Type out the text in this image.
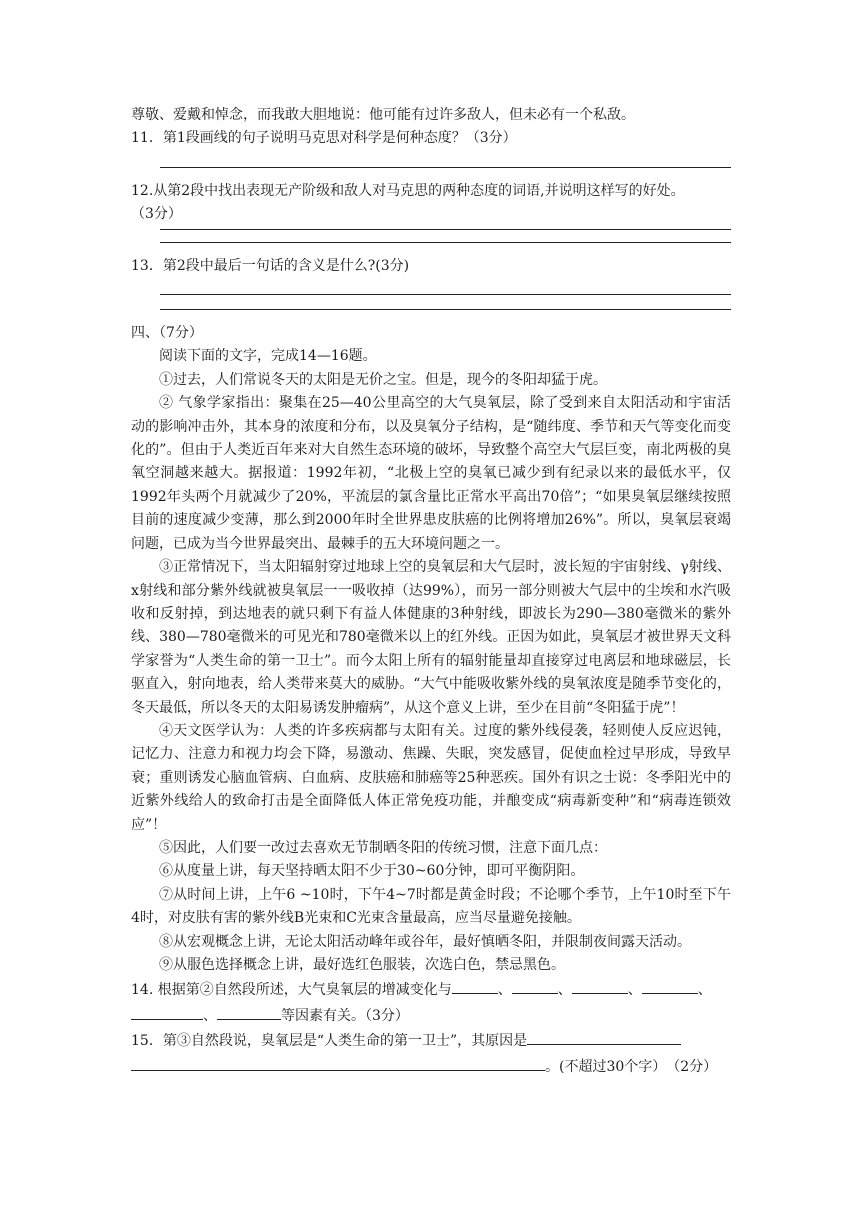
尊敬、爱戴和悼念，而我敢大胆地说：他可能有过许多敌人，但未必有一个私敌。
11．第1段画线的句子说明马克思对科学是何种态度？（3分）
12.从第2段中找出表现无产阶级和敌人对马克思的两种态度的词语,并说明这样写的好处。
（3分）
13．第2段中最后一句话的含义是什么?(3分)
四、（7分）
阅读下面的文字，完成14—16题。
①过去，人们常说冬天的太阳是无价之宝。但是，现今的冬阳却猛于虎。
② 气象学家指出：聚集在25—40公里高空的大气臭氧层，除了受到来自太阳活动和宇宙活动的影响冲击外，其本身的浓度和分布，以及臭氧分子结构，是“随纬度、季节和天气等变化而变化的”。但由于人类近百年来对大自然生态环境的破坏，导致整个高空大气层巨变，南北两极的臭氧空洞越来越大。据报道：1992年初，“北极上空的臭氧已减少到有纪录以来的最低水平，仅1992年头两个月就减少了20%，平流层的氯含量比正常水平高出70倍”；“如果臭氧层继续按照目前的速度减少变薄，那么到2000年时全世界患皮肤癌的比例将增加26%”。所以，臭氧层衰竭问题，已成为当今世界最突出、最棘手的五大环境问题之一。
③正常情况下，当太阳辐射穿过地球上空的臭氧层和大气层时，波长短的宇宙射线、γ射线、x射线和部分紫外线就被臭氧层一一吸收掉（达99%），而另一部分则被大气层中的尘埃和水汽吸收和反射掉，到达地表的就只剩下有益人体健康的3种射线，即波长为290—380毫微米的紫外线、380—780毫微米的可见光和780毫微米以上的红外线。正因为如此，臭氧层才被世界天文科学家誉为“人类生命的第一卫士”。而今太阳上所有的辐射能量却直接穿过电离层和地球磁层，长驱直入，射向地表，给人类带来莫大的威胁。“大气中能吸收紫外线的臭氧浓度是随季节变化的，冬天最低，所以冬天的太阳易诱发肿瘤病”，从这个意义上讲，至少在目前“冬阳猛于虎”！
④天文医学认为：人类的许多疾病都与太阳有关。过度的紫外线侵袭，轻则使人反应迟钝，记忆力、注意力和视力均会下降，易激动、焦躁、失眠，突发感冒，促使血栓过早形成，导致早衰；重则诱发心脑血管病、白血病、皮肤癌和肺癌等25种恶疾。国外有识之士说：冬季阳光中的近紫外线给人的致命打击是全面降低人体正常免疫功能，并酿变成“病毒新变种”和“病毒连锁效应”！
⑤因此，人们要一改过去喜欢无节制晒冬阳的传统习惯，注意下面几点：
⑥从度量上讲，每天坚持晒太阳不少于30~60分钟，即可平衡阴阳。
⑦从时间上讲，上午6 ~10时，下午4~7时都是黄金时段；不论哪个季节，上午10时至下午4时，对皮肤有害的紫外线B光束和C光束含量最高，应当尽量避免接触。
⑧从宏观概念上讲，无论太阳活动峰年或谷年，最好慎晒冬阳，并限制夜间露天活动。
⑨从服色选择概念上讲，最好选红色服装，次选白色，禁忌黑色。
14. 根据第②自然段所述，大气臭氧层的增减变化与	、	、	、	、
、	等因素有关。（3分）
15．第③自然段说，臭氧层是“人类生命的第一卫士”，其原因是
。(不超过30个字）　（2分）
